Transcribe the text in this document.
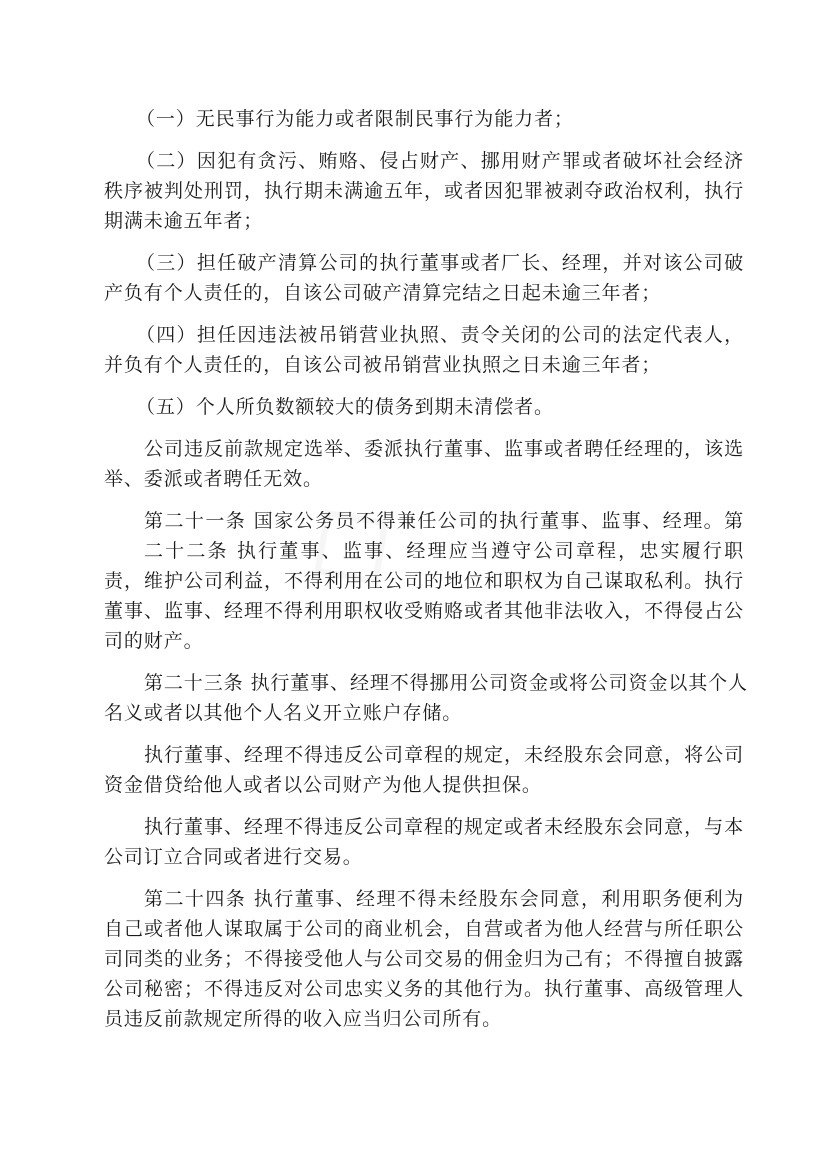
（一）无民事行为能力或者限制民事行为能力者；
（二）因犯有贪污、贿赂、侵占财产、挪用财产罪或者破坏社会经济
秩序被判处刑罚，执行期未满逾五年，或者因犯罪被剥夺政治权利，执行
期满未逾五年者；
（三）担任破产清算公司的执行董事或者厂长、经理，并对该公司破
产负有个人责任的，自该公司破产清算完结之日起未逾三年者；
（四）担任因违法被吊销营业执照、责令关闭的公司的法定代表人，
并负有个人责任的，自该公司被吊销营业执照之日未逾三年者；
（五）个人所负数额较大的债务到期未清偿者。
公司违反前款规定选举、委派执行董事、监事或者聘任经理的，该选
举、委派或者聘任无效。
第二十一条 国家公务员不得兼任公司的执行董事、监事、经理。第
二十二条 执行董事、监事、经理应当遵守公司章程，忠实履行职
责，维护公司利益，不得利用在公司的地位和职权为自己谋取私利。执行
董事、监事、经理不得利用职权收受贿赂或者其他非法收入，不得侵占公
司的财产。
第二十三条 执行董事、经理不得挪用公司资金或将公司资金以其个人
名义或者以其他个人名义开立账户存储。
执行董事、经理不得违反公司章程的规定，未经股东会同意，将公司
资金借贷给他人或者以公司财产为他人提供担保。
执行董事、经理不得违反公司章程的规定或者未经股东会同意，与本
公司订立合同或者进行交易。
第二十四条 执行董事、经理不得未经股东会同意，利用职务便利为
自己或者他人谋取属于公司的商业机会，自营或者为他人经营与所任职公
司同类的业务；不得接受他人与公司交易的佣金归为己有；不得擅自披露
公司秘密；不得违反对公司忠实义务的其他行为。执行董事、高级管理人
员违反前款规定所得的收入应当归公司所有。
